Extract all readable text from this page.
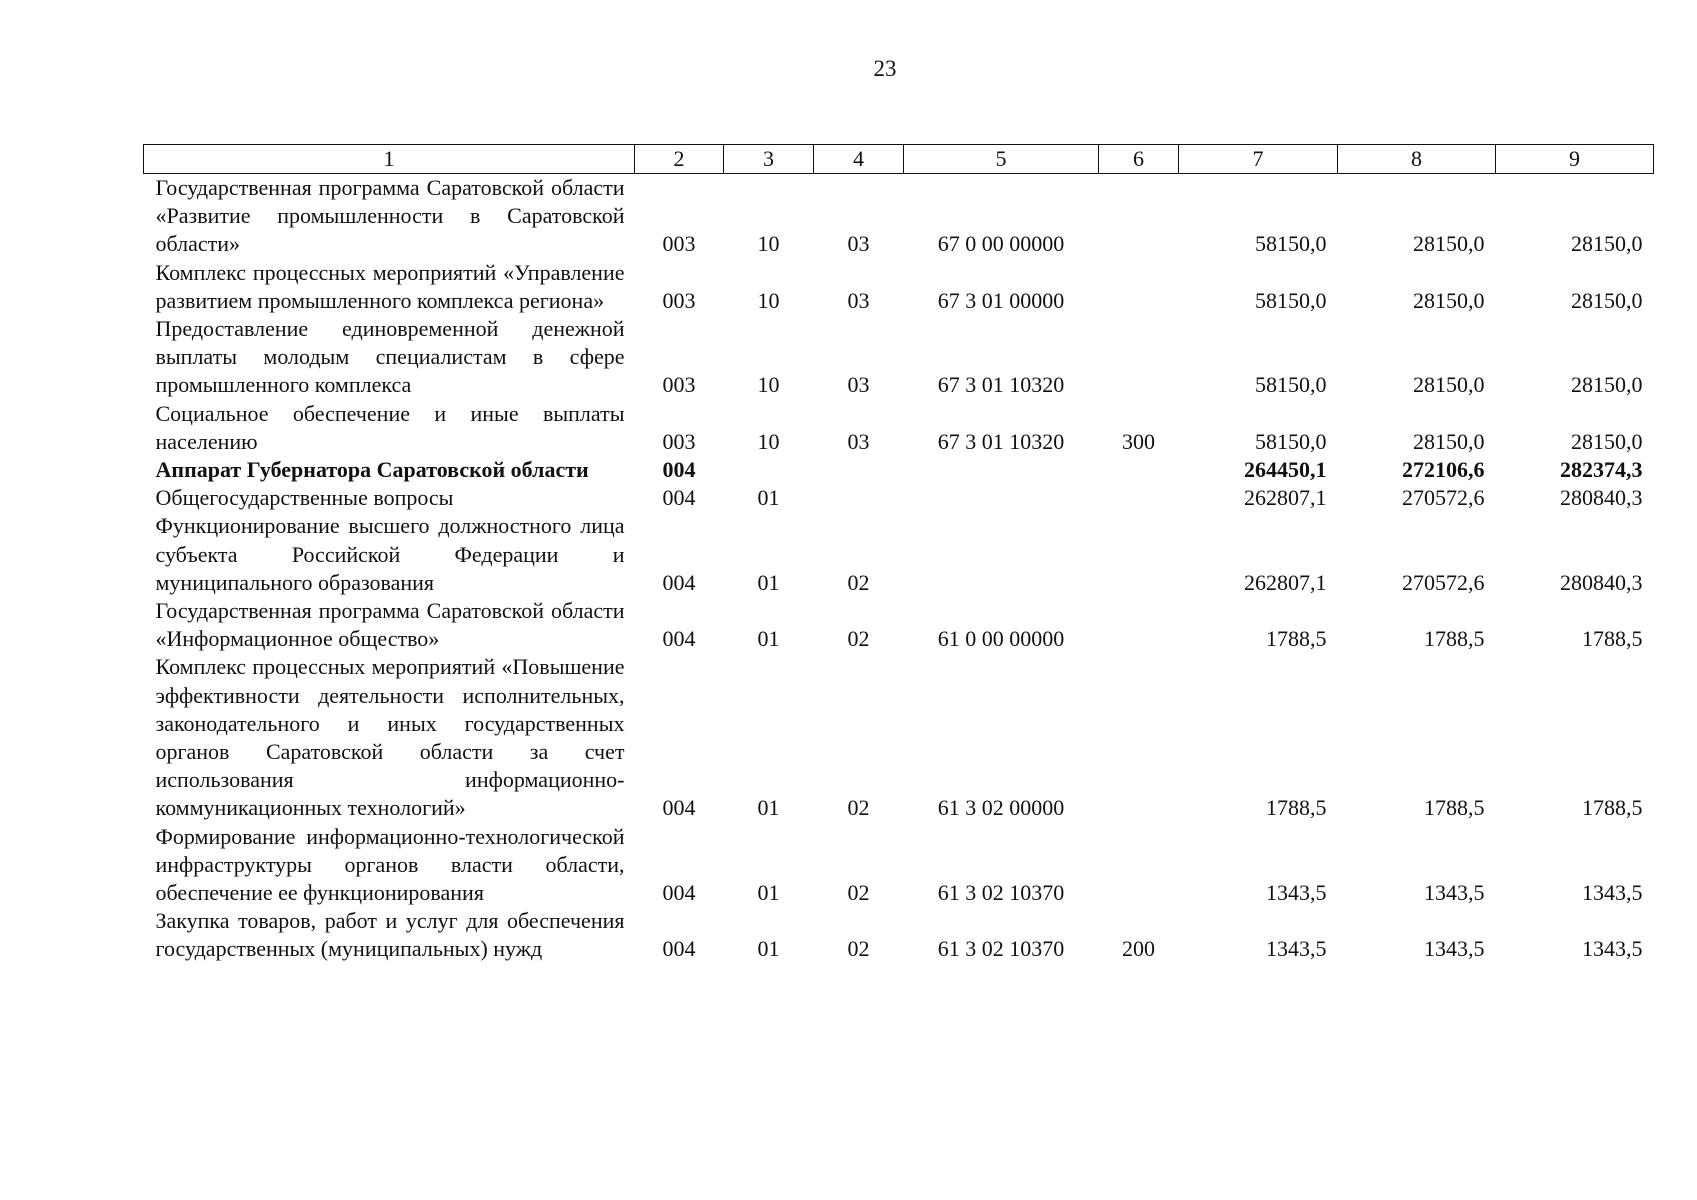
23
1	2	3	4	5	6	7	8	9
Государственная программа Саратовской области «Развитие промышленности в Саратовской области»	003	10	03	67 0 00 00000		58150,0	28150,0	28150,0
Комплекс процессных мероприятий «Управление развитием промышленного комплекса региона»	003	10	03	67 3 01 00000		58150,0	28150,0	28150,0
Предоставление единовременной денежной выплаты молодым специалистам в сфере промышленного комплекса	003	10	03	67 3 01 10320		58150,0	28150,0	28150,0
Социальное обеспечение и иные выплаты населению	003	10	03	67 3 01 10320	300	58150,0	28150,0	28150,0
Аппарат Губернатора Саратовской области	004					264450,1	272106,6	282374,3
Общегосударственные вопросы	004	01				262807,1	270572,6	280840,3
Функционирование высшего должностного лица субъекта Российской Федерации и муниципального образования	004	01	02			262807,1	270572,6	280840,3
Государственная программа Саратовской области «Информационное общество»	004	01	02	61 0 00 00000		1788,5	1788,5	1788,5
Комплекс процессных мероприятий «Повышение эффективности деятельности исполнительных, законодательного и иных государственных органов Саратовской области за счет использования информационно-коммуникационных технологий»	004	01	02	61 3 02 00000		1788,5	1788,5	1788,5
Формирование информационно-технологической инфраструктуры органов власти области, обеспечение ее функционирования	004	01	02	61 3 02 10370		1343,5	1343,5	1343,5
Закупка товаров, работ и услуг для обеспечения государственных (муниципальных) нужд	004	01	02	61 3 02 10370	200	1343,5	1343,5	1343,5
